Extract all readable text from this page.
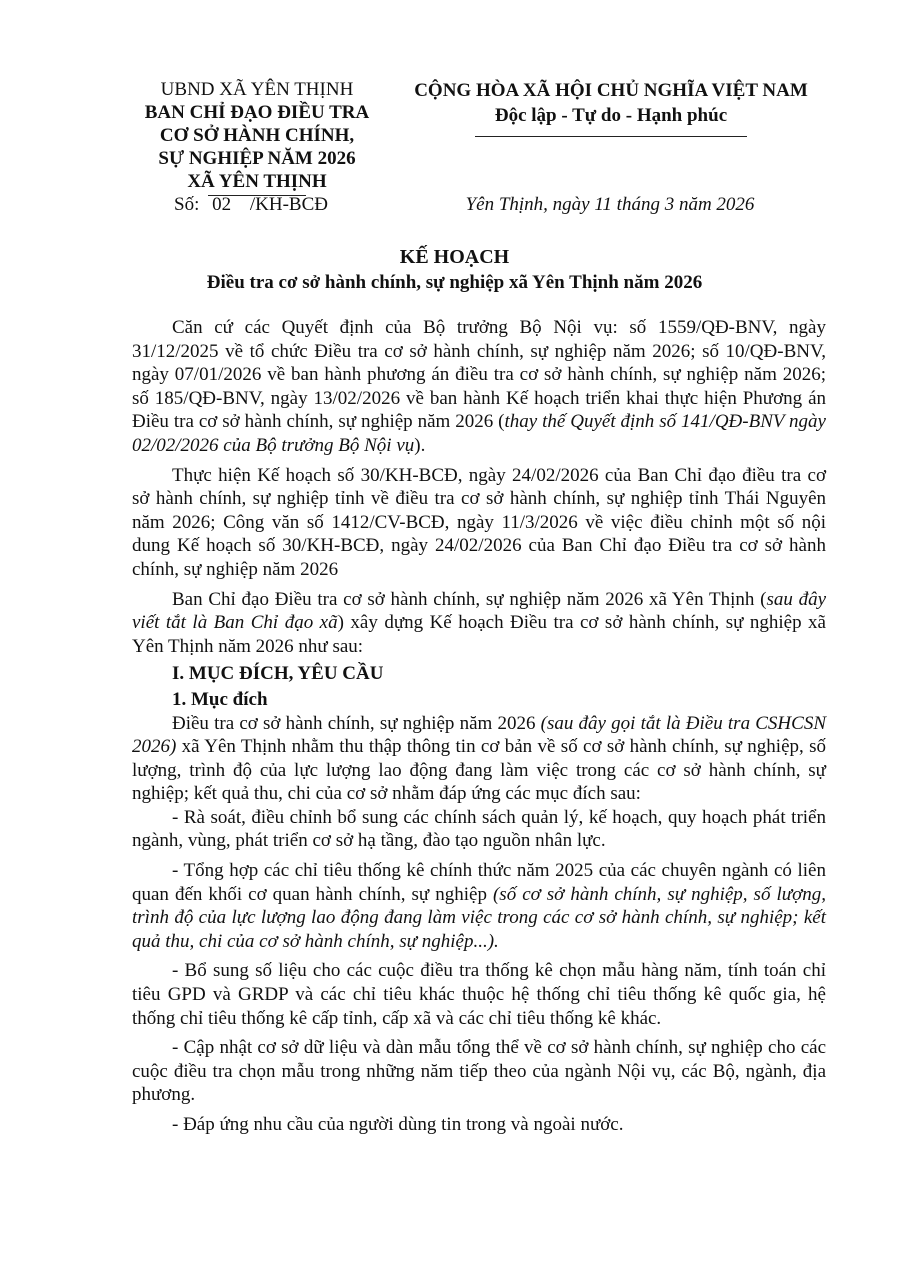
UBND XÃ YÊN THỊNH
BAN CHỈ ĐẠO ĐIỀU TRA
CƠ SỞ HÀNH CHÍNH,
SỰ NGHIỆP NĂM 2026
XÃ YÊN THỊNH
Số: 02 /KH-BCĐ
CỘNG HÒA XÃ HỘI CHỦ NGHĨA VIỆT NAM
Độc lập - Tự do - Hạnh phúc
Yên Thịnh, ngày 11 tháng 3 năm 2026
KẾ HOẠCH
Điều tra cơ sở hành chính, sự nghiệp xã Yên Thịnh năm 2026

Căn cứ các Quyết định của Bộ trưởng Bộ Nội vụ: số 1559/QĐ-BNV, ngày 31/12/2025 về tổ chức Điều tra cơ sở hành chính, sự nghiệp năm 2026; số 10/QĐ-BNV, ngày 07/01/2026 về ban hành phương án điều tra cơ sở hành chính, sự nghiệp năm 2026; số 185/QĐ-BNV, ngày 13/02/2026 về ban hành Kế hoạch triển khai thực hiện Phương án Điều tra cơ sở hành chính, sự nghiệp năm 2026 (thay thế Quyết định số 141/QĐ-BNV ngày 02/02/2026 của Bộ trưởng Bộ Nội vụ).

Thực hiện Kế hoạch số 30/KH-BCĐ, ngày 24/02/2026 của Ban Chỉ đạo điều tra cơ sở hành chính, sự nghiệp tỉnh về điều tra cơ sở hành chính, sự nghiệp tỉnh Thái Nguyên năm 2026; Công văn số 1412/CV-BCĐ, ngày 11/3/2026 về việc điều chỉnh một số nội dung Kế hoạch số 30/KH-BCĐ, ngày 24/02/2026 của Ban Chỉ đạo Điều tra cơ sở hành chính, sự nghiệp năm 2026

Ban Chỉ đạo Điều tra cơ sở hành chính, sự nghiệp năm 2026 xã Yên Thịnh (sau đây viết tắt là Ban Chỉ đạo xã) xây dựng Kế hoạch Điều tra cơ sở hành chính, sự nghiệp xã Yên Thịnh năm 2026 như sau:

I. MỤC ĐÍCH, YÊU CẦU
1. Mục đích

Điều tra cơ sở hành chính, sự nghiệp năm 2026 (sau đây gọi tắt là Điều tra CSHCSN 2026) xã Yên Thịnh nhằm thu thập thông tin cơ bản về số cơ sở hành chính, sự nghiệp, số lượng, trình độ của lực lượng lao động đang làm việc trong các cơ sở hành chính, sự nghiệp; kết quả thu, chi của cơ sở nhằm đáp ứng các mục đích sau:

- Rà soát, điều chỉnh bổ sung các chính sách quản lý, kế hoạch, quy hoạch phát triển ngành, vùng, phát triển cơ sở hạ tầng, đào tạo nguồn nhân lực.

- Tổng hợp các chỉ tiêu thống kê chính thức năm 2025 của các chuyên ngành có liên quan đến khối cơ quan hành chính, sự nghiệp (số cơ sở hành chính, sự nghiệp, số lượng, trình độ của lực lượng lao động đang làm việc trong các cơ sở hành chính, sự nghiệp; kết quả thu, chi của cơ sở hành chính, sự nghiệp...).

- Bổ sung số liệu cho các cuộc điều tra thống kê chọn mẫu hàng năm, tính toán chỉ tiêu GPD và GRDP và các chỉ tiêu khác thuộc hệ thống chỉ tiêu thống kê quốc gia, hệ thống chỉ tiêu thống kê cấp tỉnh, cấp xã và các chỉ tiêu thống kê khác.

- Cập nhật cơ sở dữ liệu và dàn mẫu tổng thể về cơ sở hành chính, sự nghiệp cho các cuộc điều tra chọn mẫu trong những năm tiếp theo của ngành Nội vụ, các Bộ, ngành, địa phương.

- Đáp ứng nhu cầu của người dùng tin trong và ngoài nước.
